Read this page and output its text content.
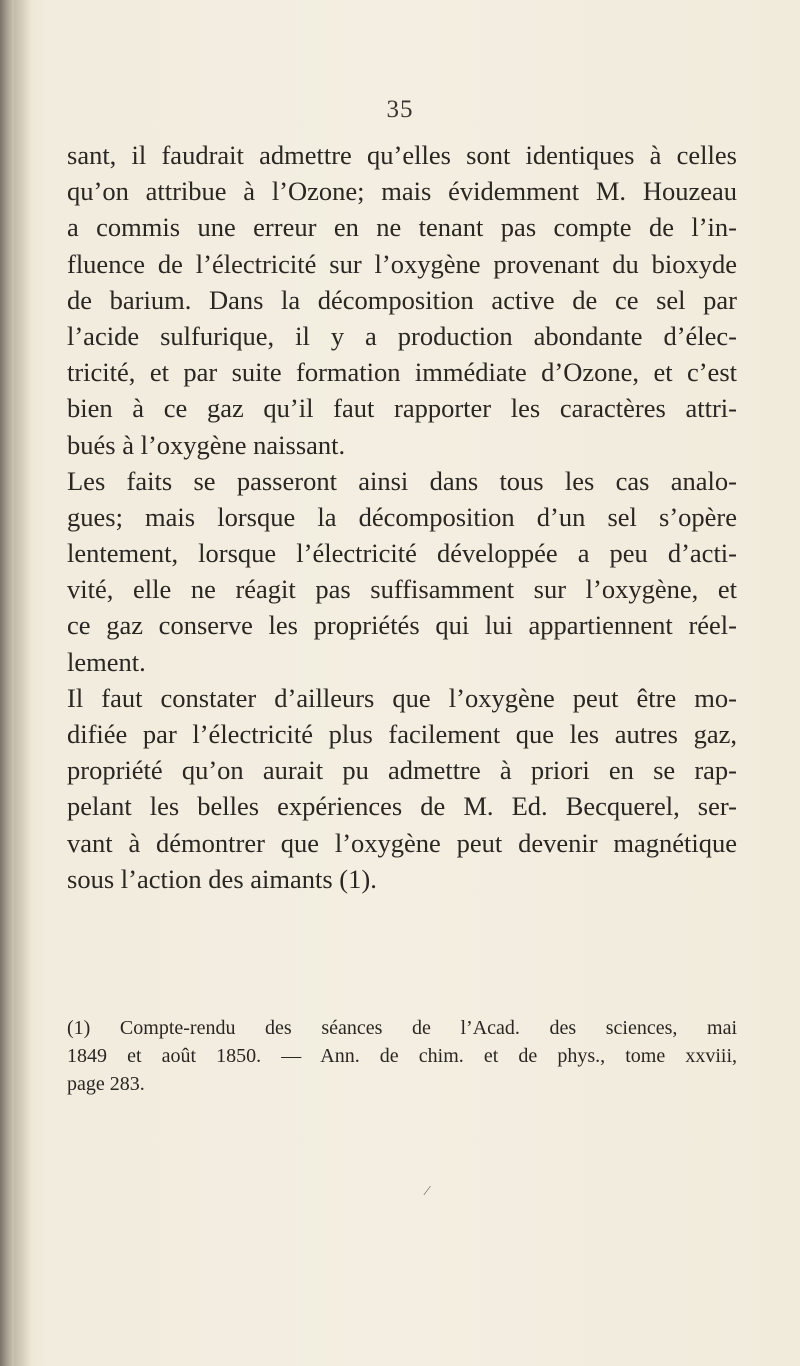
35
sant, il faudrait admettre qu’elles sont identiques à celles
qu’on attribue à l’Ozone; mais évidemment M. Houzeau
a commis une erreur en ne tenant pas compte de l’in-
fluence de l’électricité sur l’oxygène provenant du bioxyde
de barium. Dans la décomposition active de ce sel par
l’acide sulfurique, il y a production abondante d’élec-
tricité, et par suite formation immédiate d’Ozone, et c’est
bien à ce gaz qu’il faut rapporter les caractères attri-
bués à l’oxygène naissant.
Les faits se passeront ainsi dans tous les cas analo-
gues; mais lorsque la décomposition d’un sel s’opère
lentement, lorsque l’électricité développée a peu d’acti-
vité, elle ne réagit pas suffisamment sur l’oxygène, et
ce gaz conserve les propriétés qui lui appartiennent réel-
lement.
Il faut constater d’ailleurs que l’oxygène peut être mo-
difiée par l’électricité plus facilement que les autres gaz,
propriété qu’on aurait pu admettre à priori en se rap-
pelant les belles expériences de M. Ed. Becquerel, ser-
vant à démontrer que l’oxygène peut devenir magnétique
sous l’action des aimants (1).
(1) Compte-rendu des séances de l’Acad. des sciences, mai
1849 et août 1850. — Ann. de chim. et de phys., tome xxviii,
page 283.
⁄
